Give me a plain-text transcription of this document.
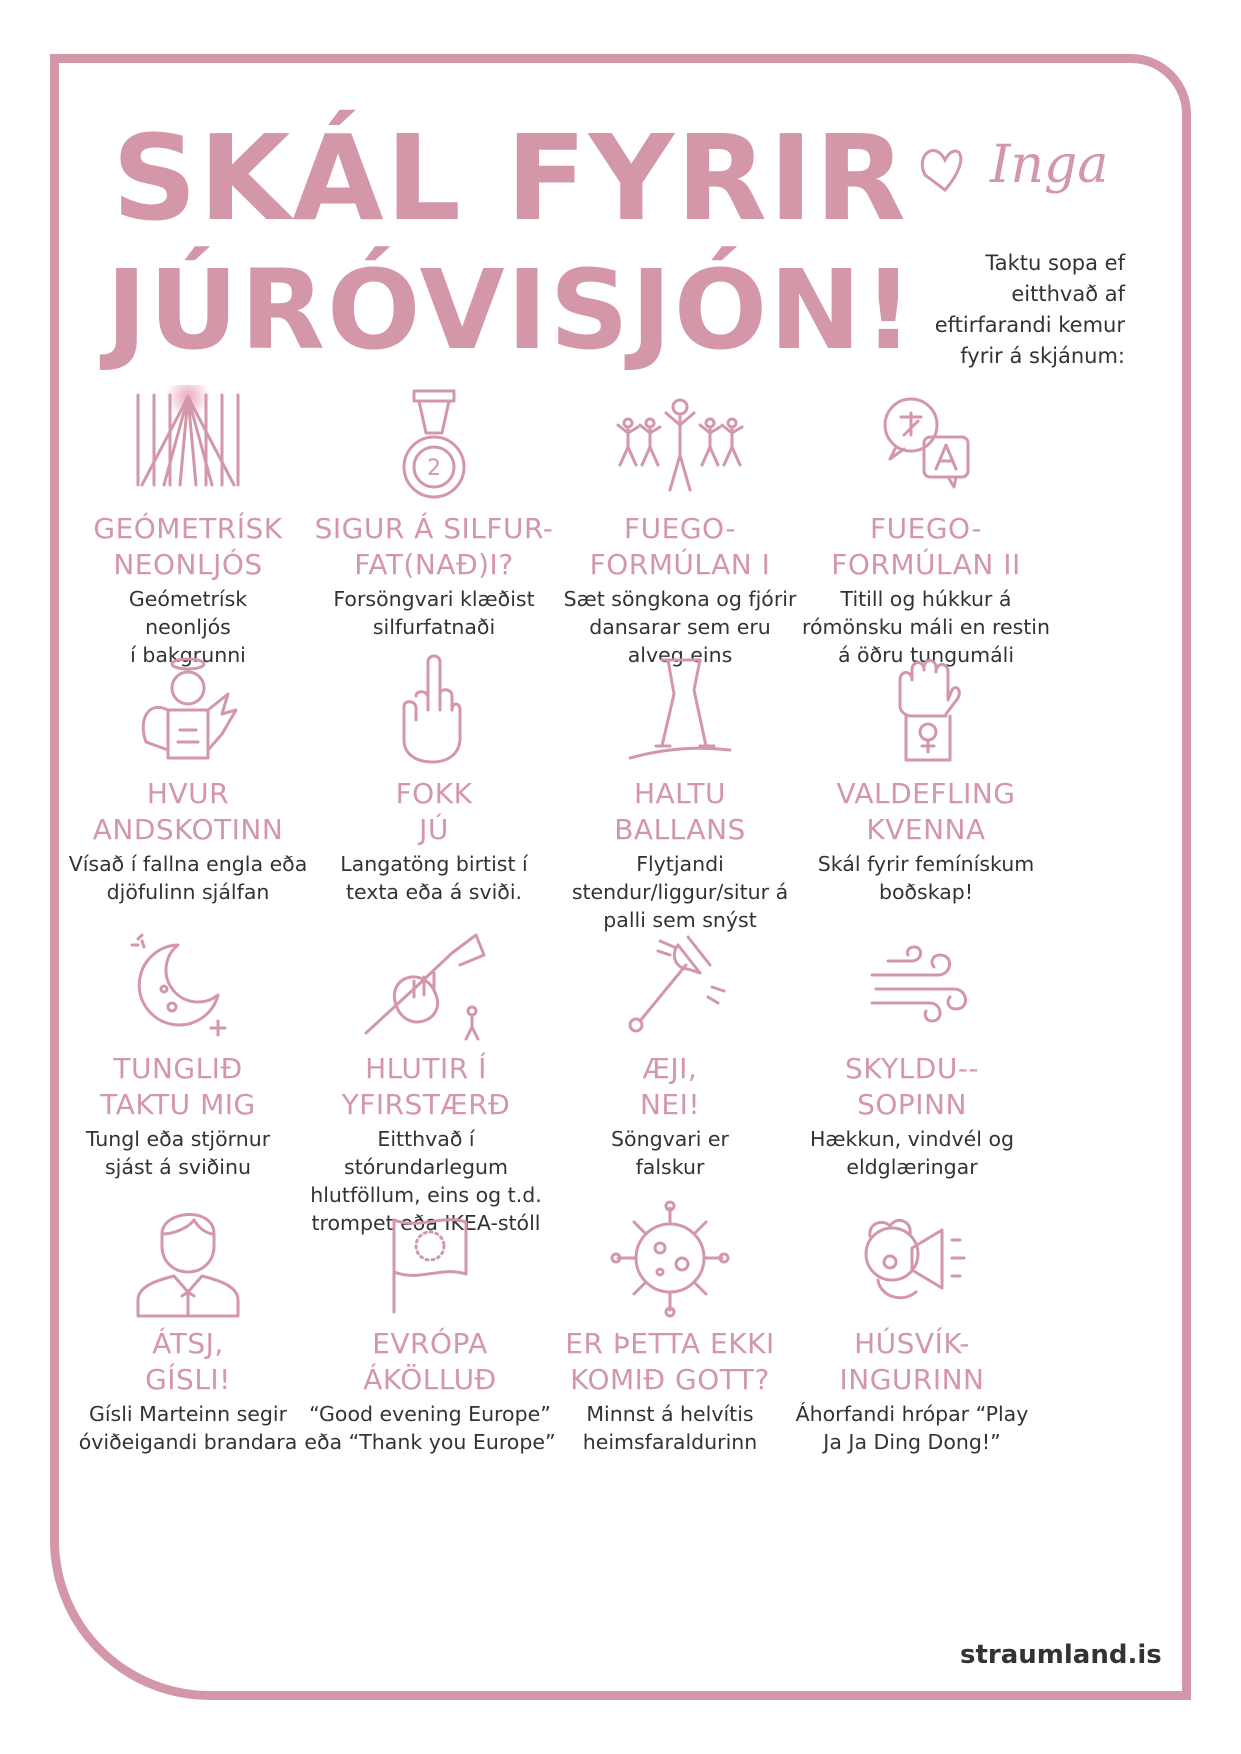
SKÁL FYRIR
JÚRÓVISJÓN!
Inga
Taktu sopa ef
eitthvað af
eftirfarandi kemur
fyrir á skjánum:
GEÓMETRÍSK
NEONLJÓS
Geómetrísk
neonljós
í bakgrunni
2
SIGUR Á SILFUR-
FAT(NAÐ)I?
Forsöngvari klæðist
silfurfatnaði
FUEGO-
FORMÚLAN I
Sæt söngkona og fjórir
dansarar sem eru
alveg eins
FUEGO-
FORMÚLAN II
Titill og húkkur á
rómönsku máli en restin
á öðru tungumáli
HVUR
ANDSKOTINN
Vísað í fallna engla eða
djöfulinn sjálfan
FOKK
JÚ
Langatöng birtist í
texta eða á sviði.
HALTU
BALLANS
Flytjandi
stendur/liggur/situr á
palli sem snýst
VALDEFLING
KVENNA
Skál fyrir femínískum
boðskap!
TUNGLIÐ
TAKTU MIG
Tungl eða stjörnur
sjást á sviðinu
HLUTIR Í
YFIRSTÆRÐ
Eitthvað í
stórundarlegum
hlutföllum, eins og t.d.
trompet eða IKEA-stóll
ÆJI,
NEI!
Söngvari er
falskur
SKYLDU--
SOPINN
Hækkun, vindvél og
eldglæringar
ÁTSJ,
GÍSLI!
Gísli Marteinn segir
óviðeigandi brandara
EVRÓPA
ÁKÖLLUÐ
“Good evening Europe”
eða “Thank you Europe”
ER ÞETTA EKKI
KOMIÐ GOTT?
Minnst á helvítis
heimsfaraldurinn
HÚSVÍK-
INGURINN
Áhorfandi hrópar “Play
Ja Ja Ding Dong!”
straumland.is
